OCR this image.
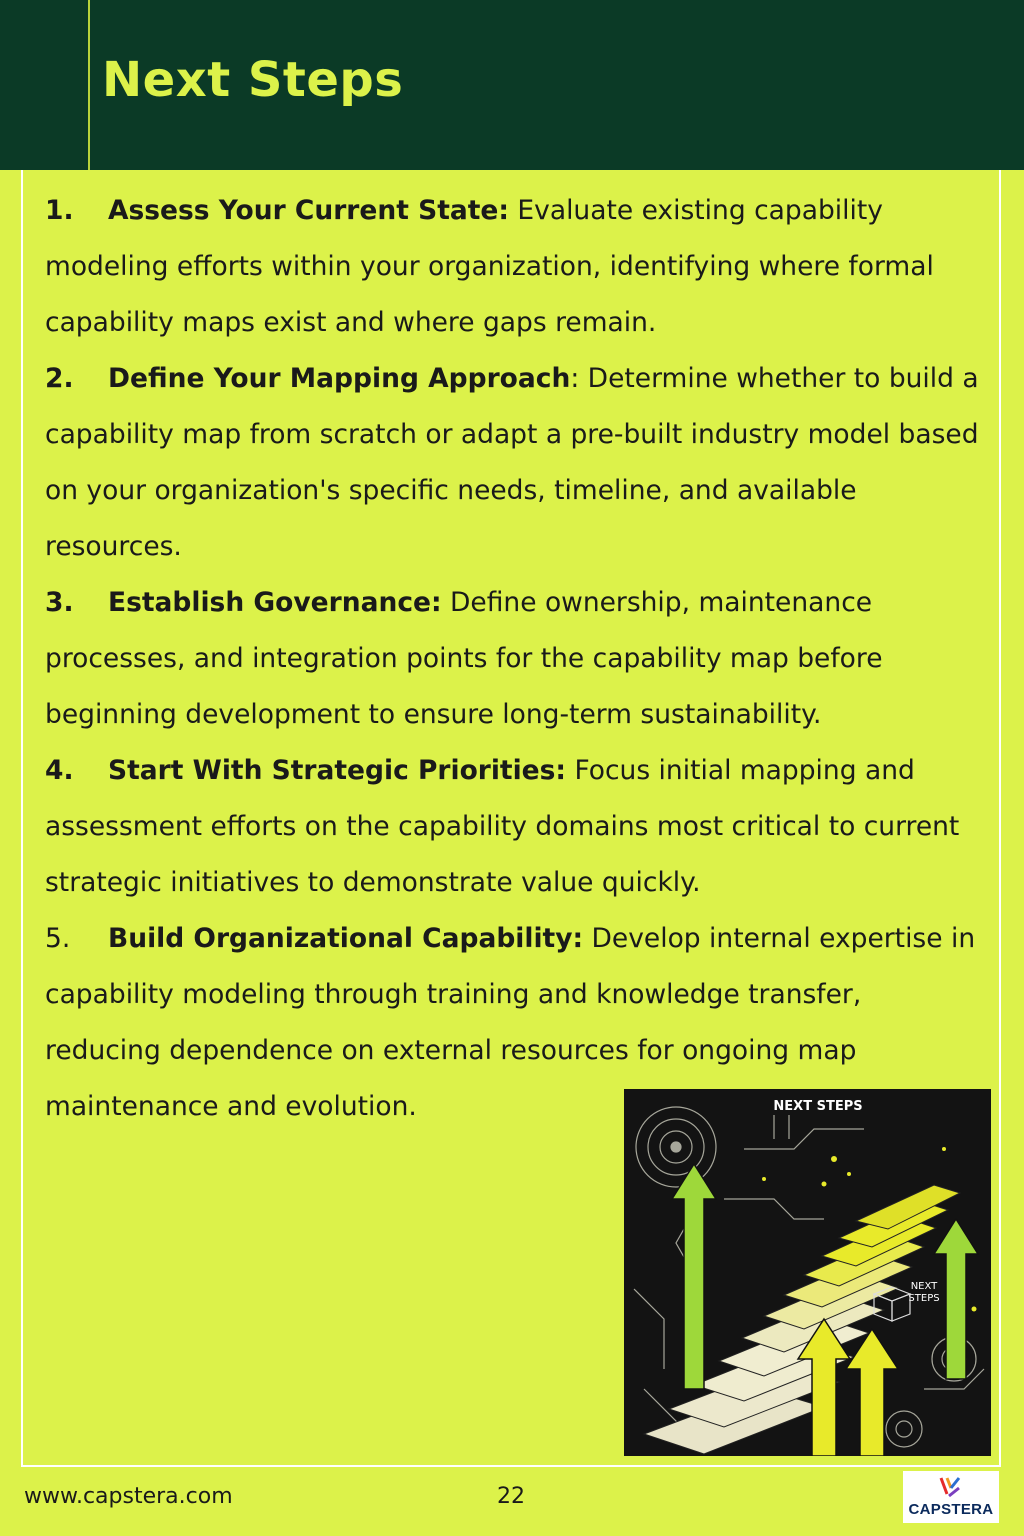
Next Steps

1. Assess Your Current State: Evaluate existing capability modeling efforts within your organization, identifying where formal capability maps exist and where gaps remain.

2. Define Your Mapping Approach: Determine whether to build a capability map from scratch or adapt a pre-built industry model based on your organization's specific needs, timeline, and available resources.

3. Establish Governance: Define ownership, maintenance processes, and integration points for the capability map before beginning development to ensure long-term sustainability.

4. Start With Strategic Priorities: Focus initial mapping and assessment efforts on the capability domains most critical to current strategic initiatives to demonstrate value quickly.

5. Build Organizational Capability: Develop internal expertise in capability modeling through training and knowledge transfer, reducing dependence on external resources for ongoing map maintenance and evolution.	NEXT STEPS
NEXT
STEPS
www.capstera.com	22
CAPSTERA
